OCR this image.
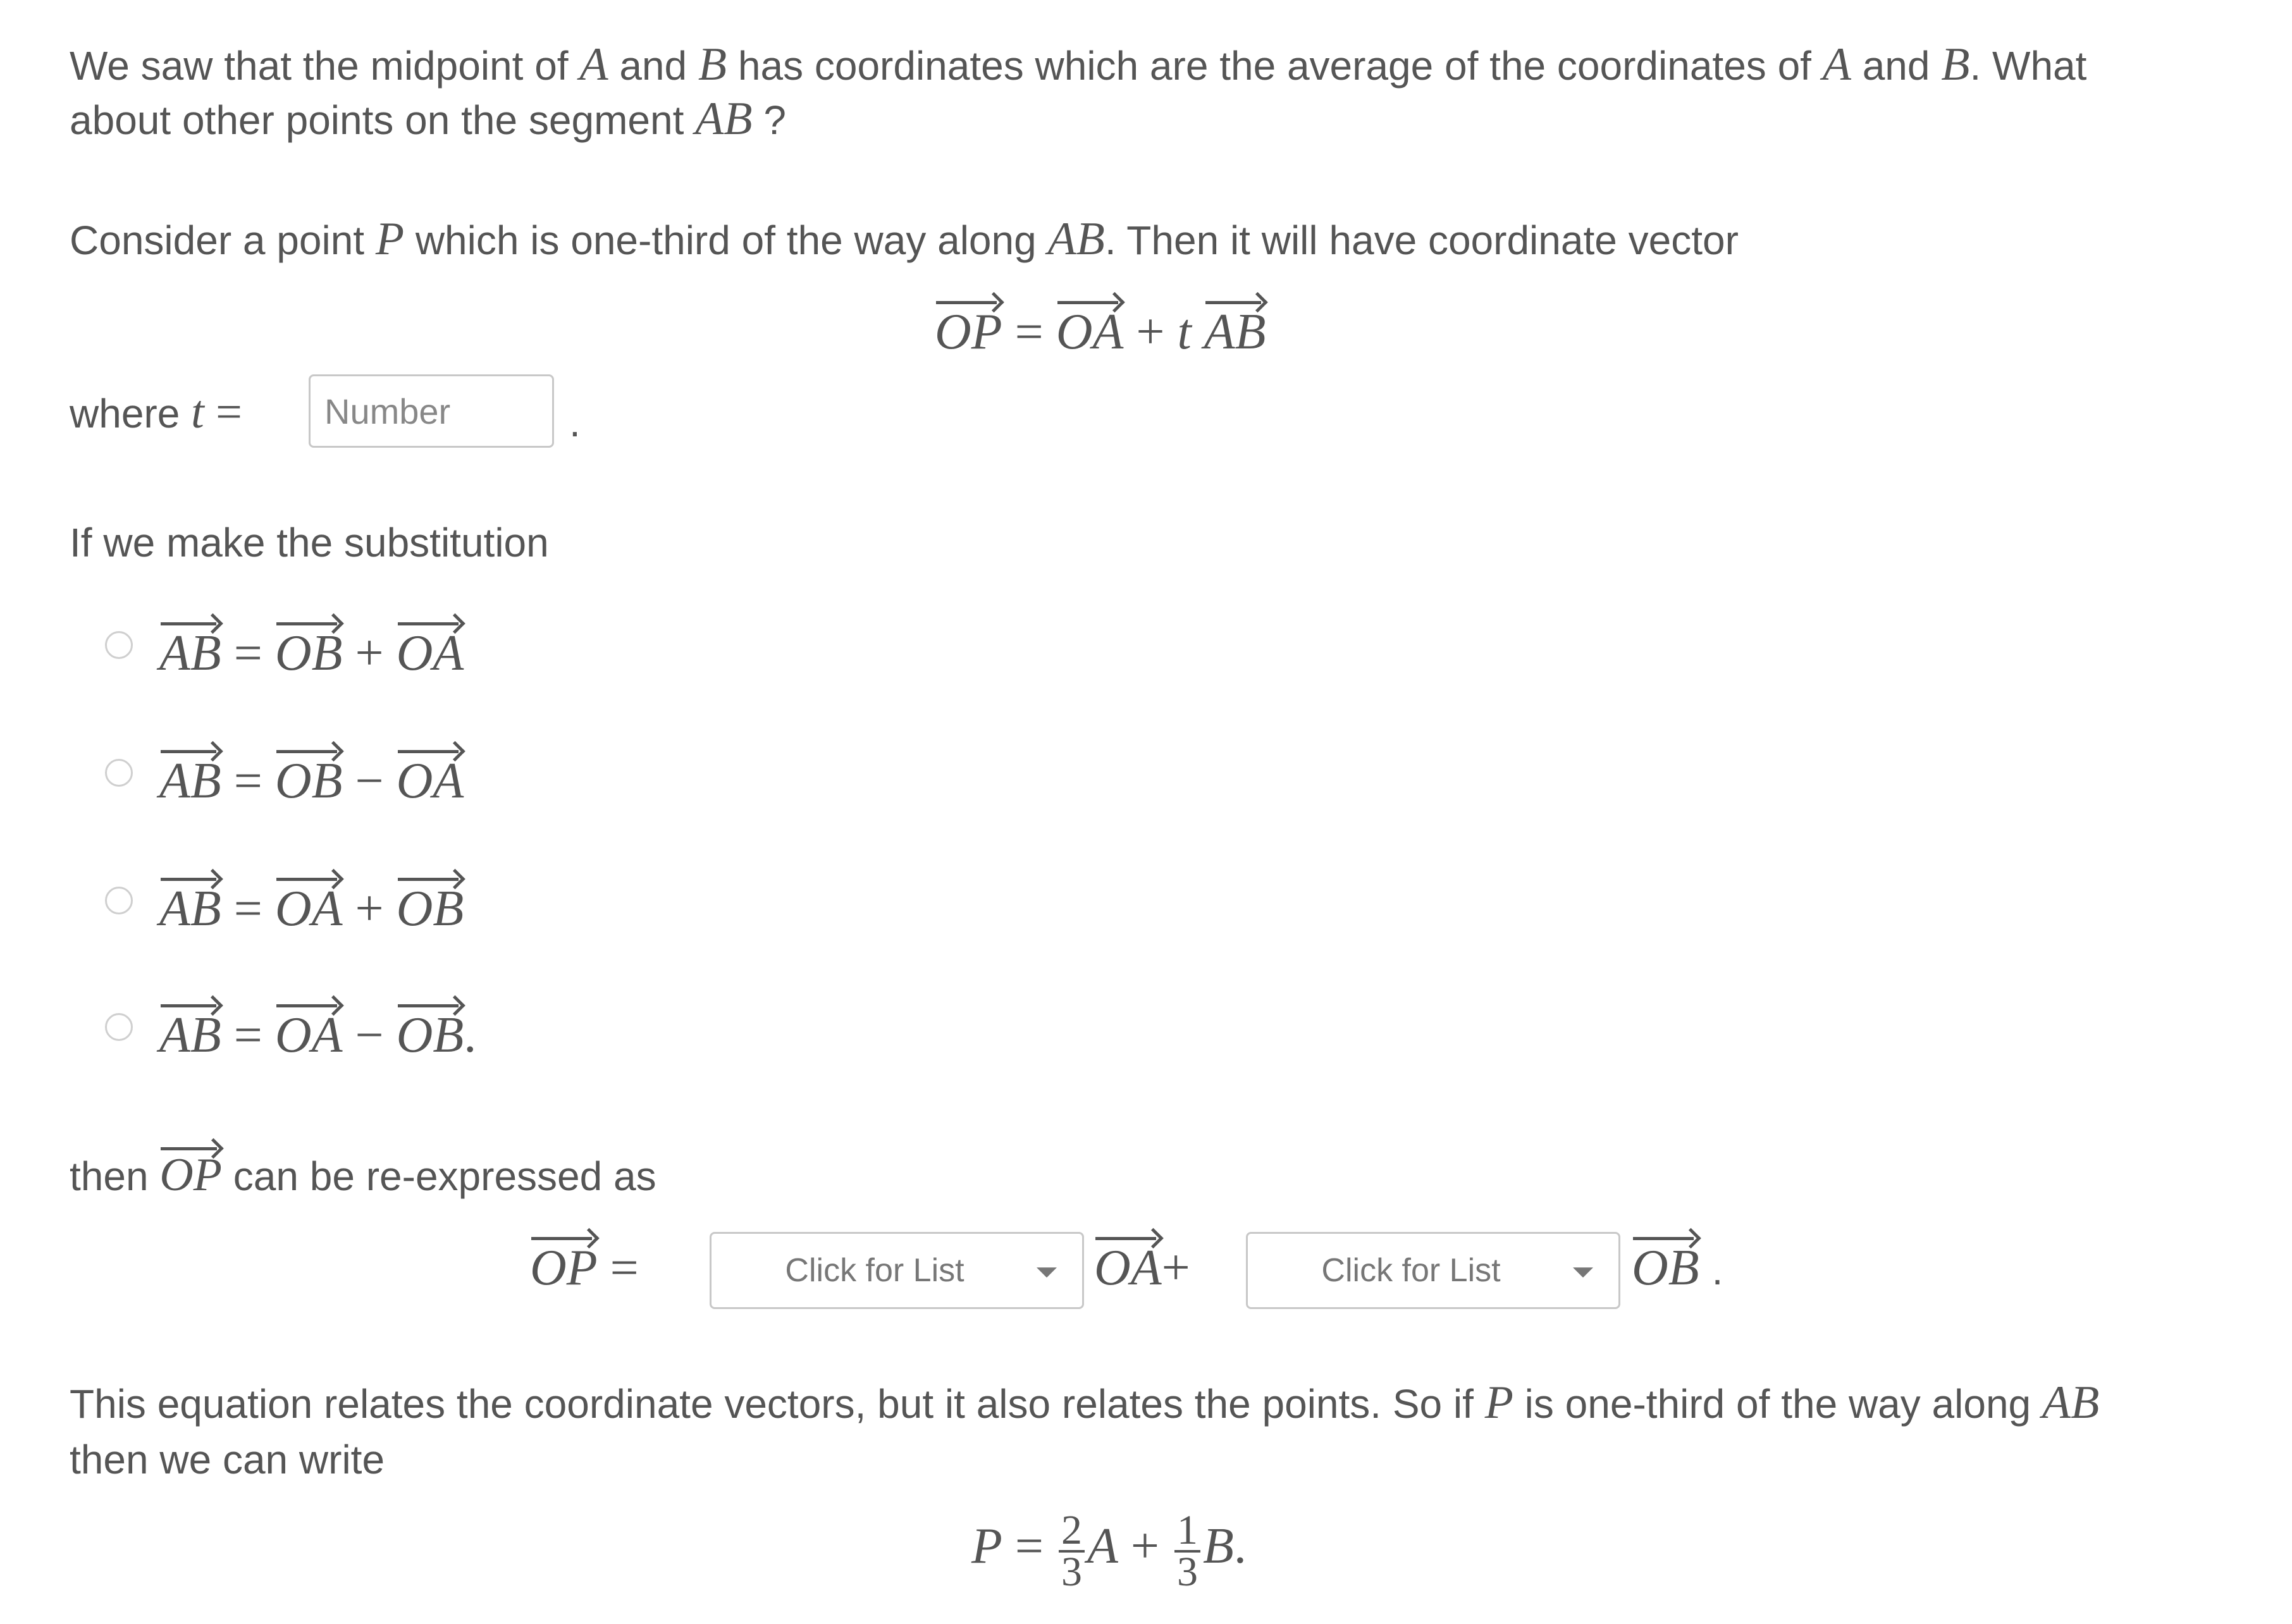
We saw that the midpoint of A and B has coordinates which are the average of the coordinates of A and B. What
about other points on the segment AB ?
Consider a point P which is one-third of the way along AB. Then it will have coordinate vector
OP = OA + t AB
where t =
Number	.
If we make the substitution
AB = OB + OA
AB = OB − OA
AB = OA + OB
AB = OA − OB.
then
OP can be re-expressed as
OP =	Click for List	OA+	Click for List	OB .
This equation relates the coordinate vectors, but it also relates the points. So if P is one-third of the way along AB
then we can write
$P = \frac{2}{3}$ $A + \frac{1}{3} B$.
